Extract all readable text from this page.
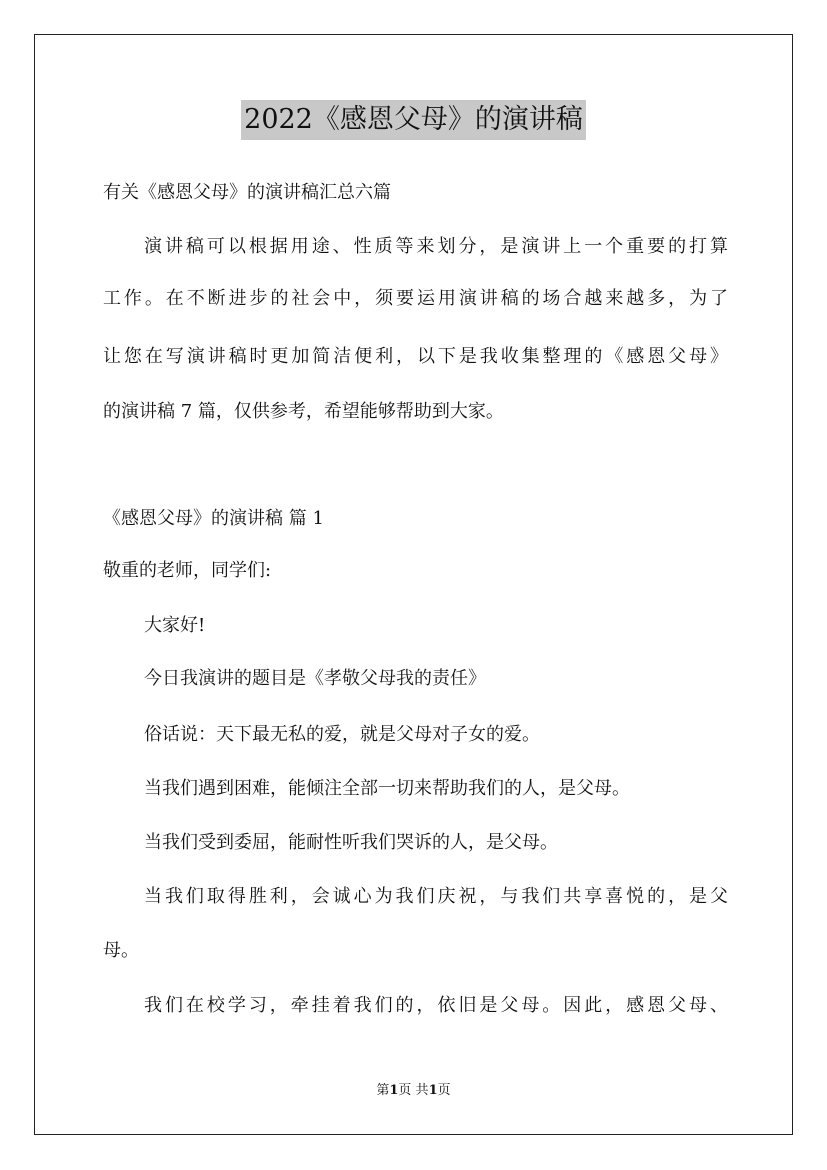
2022《感恩父母》的演讲稿
有关《感恩父母》的演讲稿汇总六篇
演讲稿可以根据用途、性质等来划分，是演讲上一个重要的打算
工作。在不断进步的社会中，须要运用演讲稿的场合越来越多，为了
让您在写演讲稿时更加简洁便利，以下是我收集整理的《感恩父母》
的演讲稿 7 篇，仅供参考，希望能够帮助到大家。
《感恩父母》的演讲稿 篇 1
敬重的老师，同学们:
大家好!
今日我演讲的题目是《孝敬父母我的责任》
俗话说：天下最无私的爱，就是父母对子女的爱。
当我们遇到困难，能倾注全部一切来帮助我们的人，是父母。
当我们受到委屈，能耐性听我们哭诉的人，是父母。
当我们取得胜利，会诚心为我们庆祝，与我们共享喜悦的，是父
母。
我们在校学习，牵挂着我们的，依旧是父母。因此，感恩父母、
第1页 共1页
